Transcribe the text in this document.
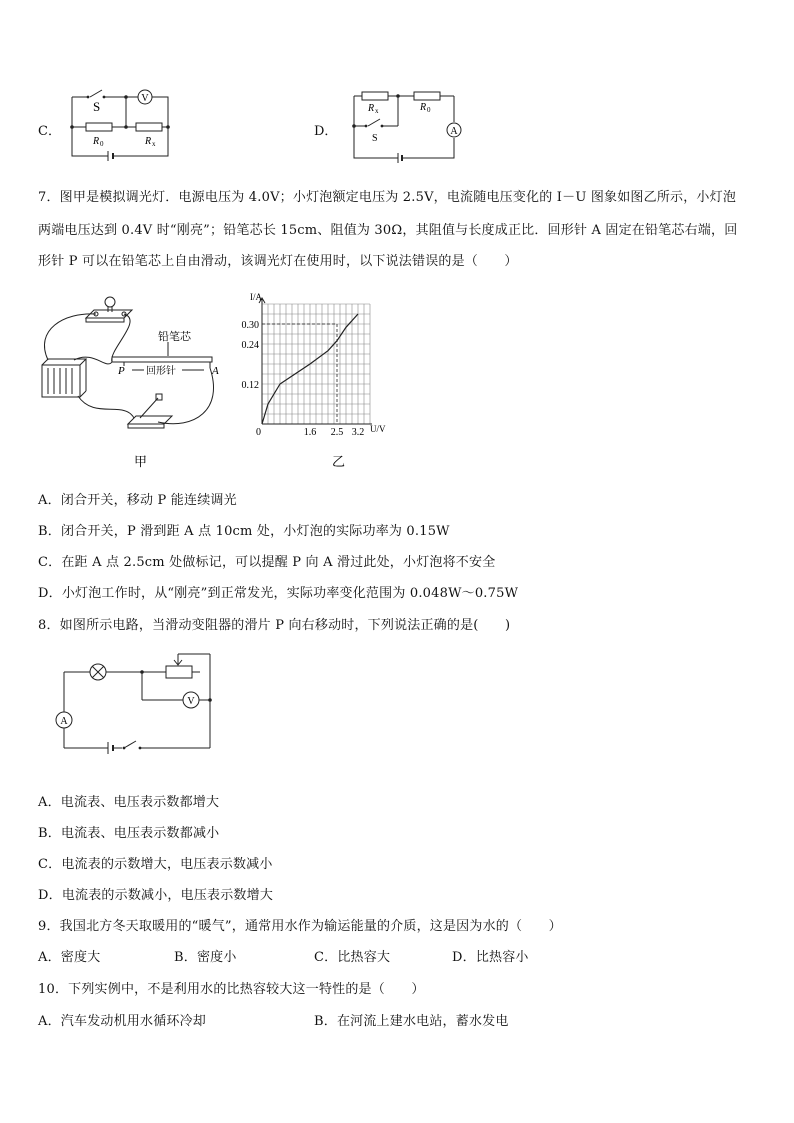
C．
S
V
R 0	R x
D．
R x	R 0
A
S
7．图甲是模拟调光灯．电源电压为 4.0V；小灯泡额定电压为 2.5V，电流随电压变化的 I－U 图象如图乙所示，小灯泡
两端电压达到 0.4V 时“刚亮”；铅笔芯长 15cm、阻值为 30Ω，其阻值与长度成正比．回形针 A 固定在铅笔芯右端，回
形针 P 可以在铅笔芯上自由滑动，该调光灯在使用时，以下说法错误的是（　　）
铅笔芯
P 回形针	A
甲
I/A
U/V
0
0.30
0.24
0.12
1.6 2.5 3.2
乙
A．闭合开关，移动 P 能连续调光
B．闭合开关，P 滑到距 A 点 10cm 处，小灯泡的实际功率为 0.15W
C．在距 A 点 2.5cm 处做标记，可以提醒 P 向 A 滑过此处，小灯泡将不安全
D．小灯泡工作时，从“刚亮”到正常发光，实际功率变化范围为 0.048W～0.75W
8．如图所示电路，当滑动变阻器的滑片 P 向右移动时，下列说法正确的是(　　)
V
A
A．电流表、电压表示数都增大
B．电流表、电压表示数都减小
C．电流表的示数增大，电压表示数减小
D．电流表的示数减小，电压表示数增大
9．我国北方冬天取暖用的“暖气”，通常用水作为输运能量的介质，这是因为水的（　　）
A．密度大	B．密度小	C．比热容大	D．比热容小
10．下列实例中，不是利用水的比热容较大这一特性的是（　　）
A．汽车发动机用水循环冷却	B．在河流上建水电站，蓄水发电
